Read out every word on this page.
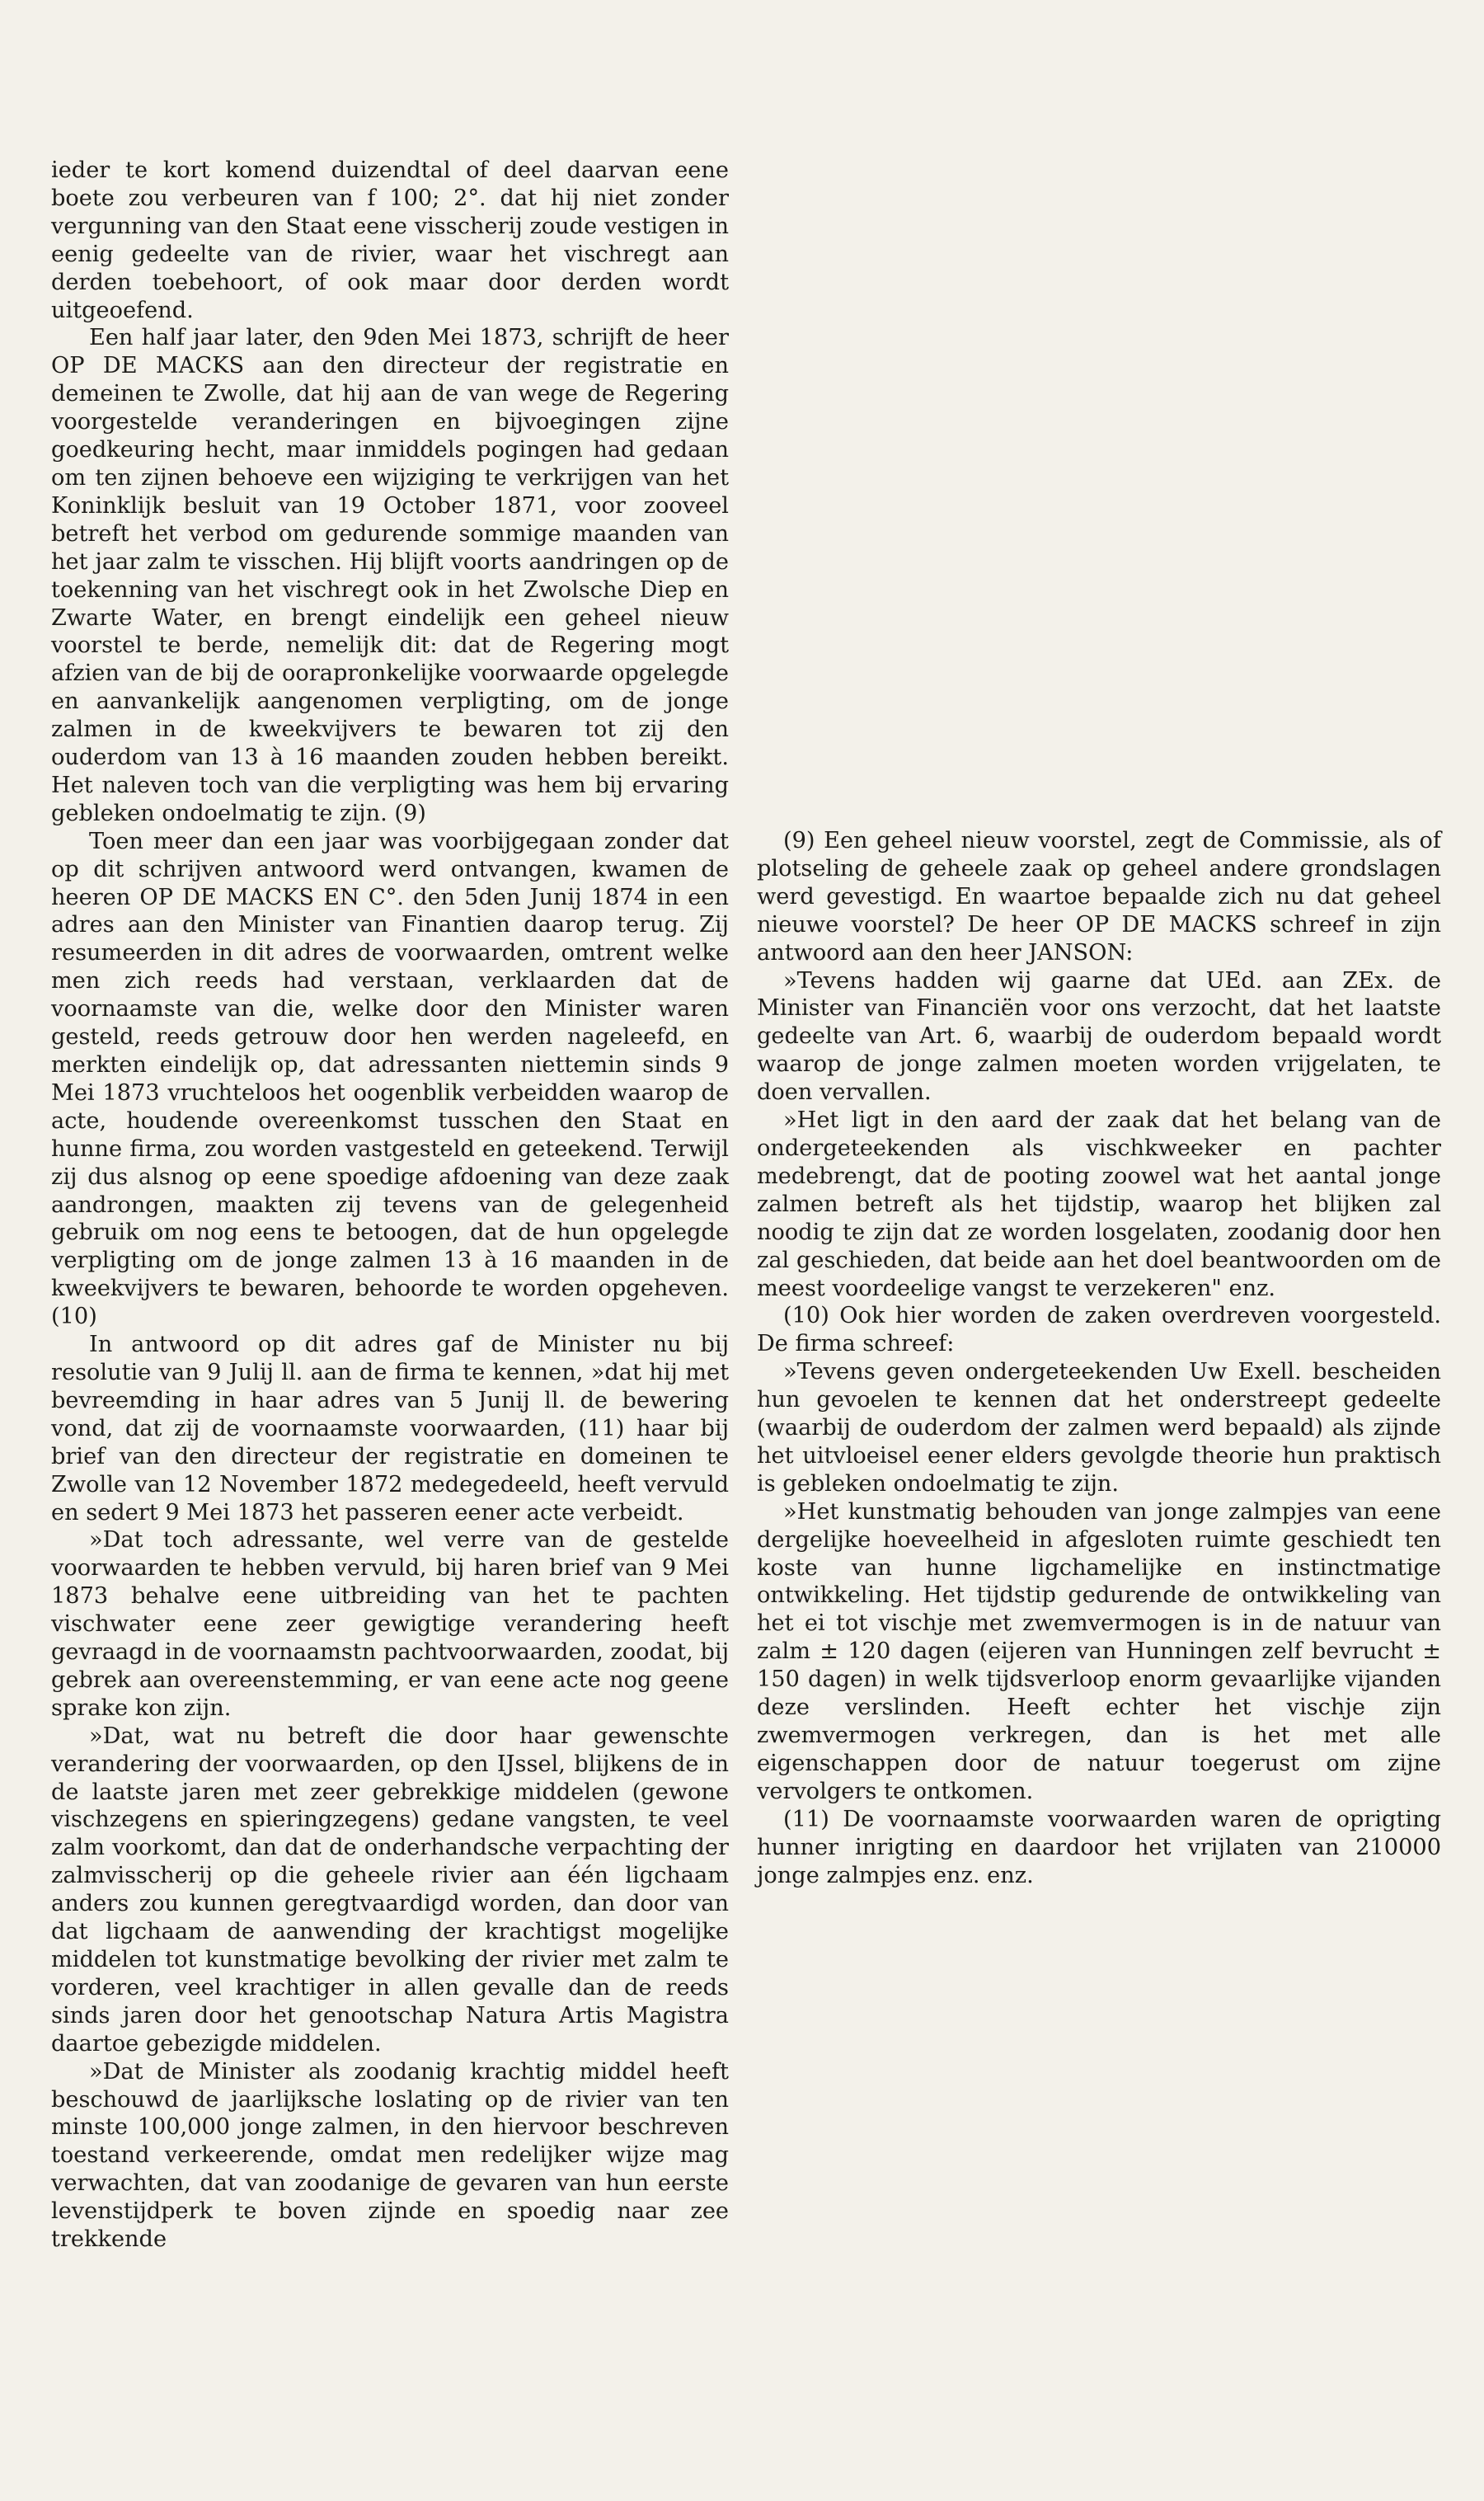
ieder te kort komend duizendtal of deel daarvan eene boete zou verbeuren van f 100; 2°. dat hij niet zonder vergunning van den Staat eene visscherij zoude vestigen in eenig gedeelte van de rivier, waar het vischregt aan derden toebehoort, of ook maar door derden wordt uitgeoefend.

Een half jaar later, den 9den Mei 1873, schrijft de heer OP DE MACKS aan den directeur der registratie en demeinen te Zwolle, dat hij aan de van wege de Regering voorgestelde veranderingen en bijvoegingen zijne goedkeuring hecht, maar inmiddels pogingen had gedaan om ten zijnen behoeve een wijziging te verkrijgen van het Koninklijk besluit van 19 October 1871, voor zooveel betreft het verbod om gedurende sommige maanden van het jaar zalm te visschen. Hij blijft voorts aandringen op de toekenning van het vischregt ook in het Zwolsche Diep en Zwarte Water, en brengt eindelijk een geheel nieuw voorstel te berde, nemelijk dit: dat de Regering mogt afzien van de bij de oorapronkelijke voorwaarde opgelegde en aanvankelijk aangenomen verpligting, om de jonge zalmen in de kweekvijvers te bewaren tot zij den ouderdom van 13 à 16 maanden zouden hebben bereikt. Het naleven toch van die verpligting was hem bij ervaring gebleken ondoelmatig te zijn. (9)

Toen meer dan een jaar was voorbijgegaan zonder dat op dit schrijven antwoord werd ontvangen, kwamen de heeren OP DE MACKS EN C°. den 5den Junij 1874 in een adres aan den Minister van Finantien daarop terug. Zij resumeerden in dit adres de voorwaarden, omtrent welke men zich reeds had verstaan, verklaarden dat de voornaamste van die, welke door den Minister waren gesteld, reeds getrouw door hen werden nageleefd, en merkten eindelijk op, dat adressanten niettemin sinds 9 Mei 1873 vruchteloos het oogenblik verbeidden waarop de acte, houdende overeenkomst tusschen den Staat en hunne firma, zou worden vastgesteld en geteekend. Terwijl zij dus alsnog op eene spoedige afdoening van deze zaak aandrongen, maakten zij tevens van de gelegenheid gebruik om nog eens te betoogen, dat de hun opgelegde verpligting om de jonge zalmen 13 à 16 maanden in de kweekvijvers te bewaren, behoorde te worden opgeheven. (10)

In antwoord op dit adres gaf de Minister nu bij resolutie van 9 Julij ll. aan de firma te kennen, »dat hij met bevreemding in haar adres van 5 Junij ll. de bewering vond, dat zij de voornaamste voorwaarden, (11) haar bij brief van den directeur der registratie en domeinen te Zwolle van 12 November 1872 medegedeeld, heeft vervuld en sedert 9 Mei 1873 het passeren eener acte verbeidt.

»Dat toch adressante, wel verre van de gestelde voorwaarden te hebben vervuld, bij haren brief van 9 Mei 1873 behalve eene uitbreiding van het te pachten vischwater eene zeer gewigtige verandering heeft gevraagd in de voornaamstn pachtvoorwaarden, zoodat, bij gebrek aan overeenstemming, er van eene acte nog geene sprake kon zijn.

»Dat, wat nu betreft die door haar gewenschte verandering der voorwaarden, op den IJssel, blijkens de in de laatste jaren met zeer gebrekkige middelen (gewone vischzegens en spieringzegens) gedane vangsten, te veel zalm voorkomt, dan dat de onderhandsche verpachting der zalmvisscherij op die geheele rivier aan één ligchaam anders zou kunnen geregtvaardigd worden, dan door van dat ligchaam de aanwending der krachtigst mogelijke middelen tot kunstmatige bevolking der rivier met zalm te vorderen, veel krachtiger in allen gevalle dan de reeds sinds jaren door het genootschap Natura Artis Magistra daartoe gebezigde middelen.

»Dat de Minister als zoodanig krachtig middel heeft beschouwd de jaarlijksche loslating op de rivier van ten minste 100,000 jonge zalmen, in den hiervoor beschreven toestand verkeerende, omdat men redelijker wijze mag verwachten, dat van zoodanige de gevaren van hun eerste levenstijdperk te boven zijnde en spoedig naar zee trekkende

(9) Een geheel nieuw voorstel, zegt de Commissie, als of plotseling de geheele zaak op geheel andere grondslagen werd gevestigd. En waartoe bepaalde zich nu dat geheel nieuwe voorstel? De heer OP DE MACKS schreef in zijn antwoord aan den heer JANSON:

»Tevens hadden wij gaarne dat UEd. aan ZEx. de Minister van Financiën voor ons verzocht, dat het laatste gedeelte van Art. 6, waarbij de ouderdom bepaald wordt waarop de jonge zalmen moeten worden vrijgelaten, te doen vervallen.

»Het ligt in den aard der zaak dat het belang van de ondergeteekenden als vischkweeker en pachter medebrengt, dat de pooting zoowel wat het aantal jonge zalmen betreft als het tijdstip, waarop het blijken zal noodig te zijn dat ze worden losgelaten, zoodanig door hen zal geschieden, dat beide aan het doel beantwoorden om de meest voordeelige vangst te verzekeren" enz.

(10) Ook hier worden de zaken overdreven voorgesteld. De firma schreef:

»Tevens geven ondergeteekenden Uw Exell. bescheiden hun gevoelen te kennen dat het onderstreept gedeelte (waarbij de ouderdom der zalmen werd bepaald) als zijnde het uitvloeisel eener elders gevolgde theorie hun praktisch is gebleken ondoelmatig te zijn.

»Het kunstmatig behouden van jonge zalmpjes van eene dergelijke hoeveelheid in afgesloten ruimte geschiedt ten koste van hunne ligchamelijke en instinctmatige ontwikkeling. Het tijdstip gedurende de ontwikkeling van het ei tot vischje met zwemvermogen is in de natuur van zalm ± 120 dagen (eijeren van Hunningen zelf bevrucht ± 150 dagen) in welk tijdsverloop enorm gevaarlijke vijanden deze verslinden. Heeft echter het vischje zijn zwemvermogen verkregen, dan is het met alle eigenschappen door de natuur toegerust om zijne vervolgers te ontkomen.

(11) De voornaamste voorwaarden waren de oprigting hunner inrigting en daardoor het vrijlaten van 210000 jonge zalmpjes enz. enz.
